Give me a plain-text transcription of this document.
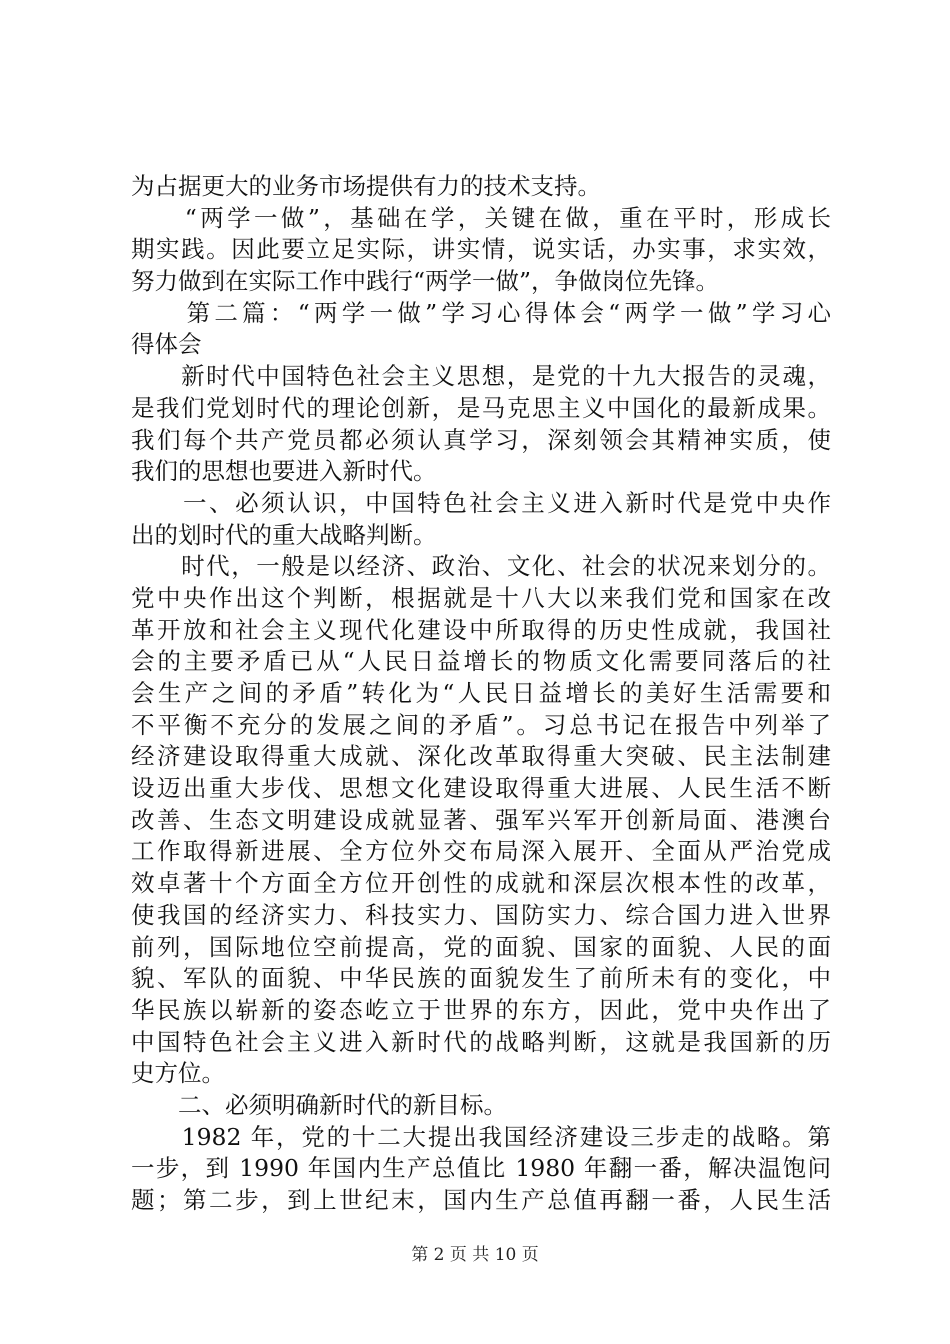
为占据更大的业务市场提供有力的技术支持。
　　“两学一做”，基础在学，关键在做，重在平时，形成长
期实践。因此要立足实际，讲实情，说实话，办实事，求实效，
努力做到在实际工作中践行“两学一做”，争做岗位先锋。
　　第二篇：“两学一做”学习心得体会“两学一做”学习心
得体会
　　新时代中国特色社会主义思想，是党的十九大报告的灵魂，
是我们党划时代的理论创新，是马克思主义中国化的最新成果。
我们每个共产党员都必须认真学习，深刻领会其精神实质，使
我们的思想也要进入新时代。
　　一、必须认识，中国特色社会主义进入新时代是党中央作
出的划时代的重大战略判断。
　　时代，一般是以经济、政治、文化、社会的状况来划分的。
党中央作出这个判断，根据就是十八大以来我们党和国家在改
革开放和社会主义现代化建设中所取得的历史性成就，我国社
会的主要矛盾已从“人民日益增长的物质文化需要同落后的社
会生产之间的矛盾”转化为“人民日益增长的美好生活需要和
不平衡不充分的发展之间的矛盾”。习总书记在报告中列举了
经济建设取得重大成就、深化改革取得重大突破、民主法制建
设迈出重大步伐、思想文化建设取得重大进展、人民生活不断
改善、生态文明建设成就显著、强军兴军开创新局面、港澳台
工作取得新进展、全方位外交布局深入展开、全面从严治党成
效卓著十个方面全方位开创性的成就和深层次根本性的改革，
使我国的经济实力、科技实力、国防实力、综合国力进入世界
前列，国际地位空前提高，党的面貌、国家的面貌、人民的面
貌、军队的面貌、中华民族的面貌发生了前所未有的变化，中
华民族以崭新的姿态屹立于世界的东方，因此，党中央作出了
中国特色社会主义进入新时代的战略判断，这就是我国新的历
史方位。
　　二、必须明确新时代的新目标。
　　1982 年，党的十二大提出我国经济建设三步走的战略。第
一步，到 1990 年国内生产总值比 1980 年翻一番，解决温饱问
题；第二步，到上世纪末，国内生产总值再翻一番，人民生活
第 2 页 共 10 页
